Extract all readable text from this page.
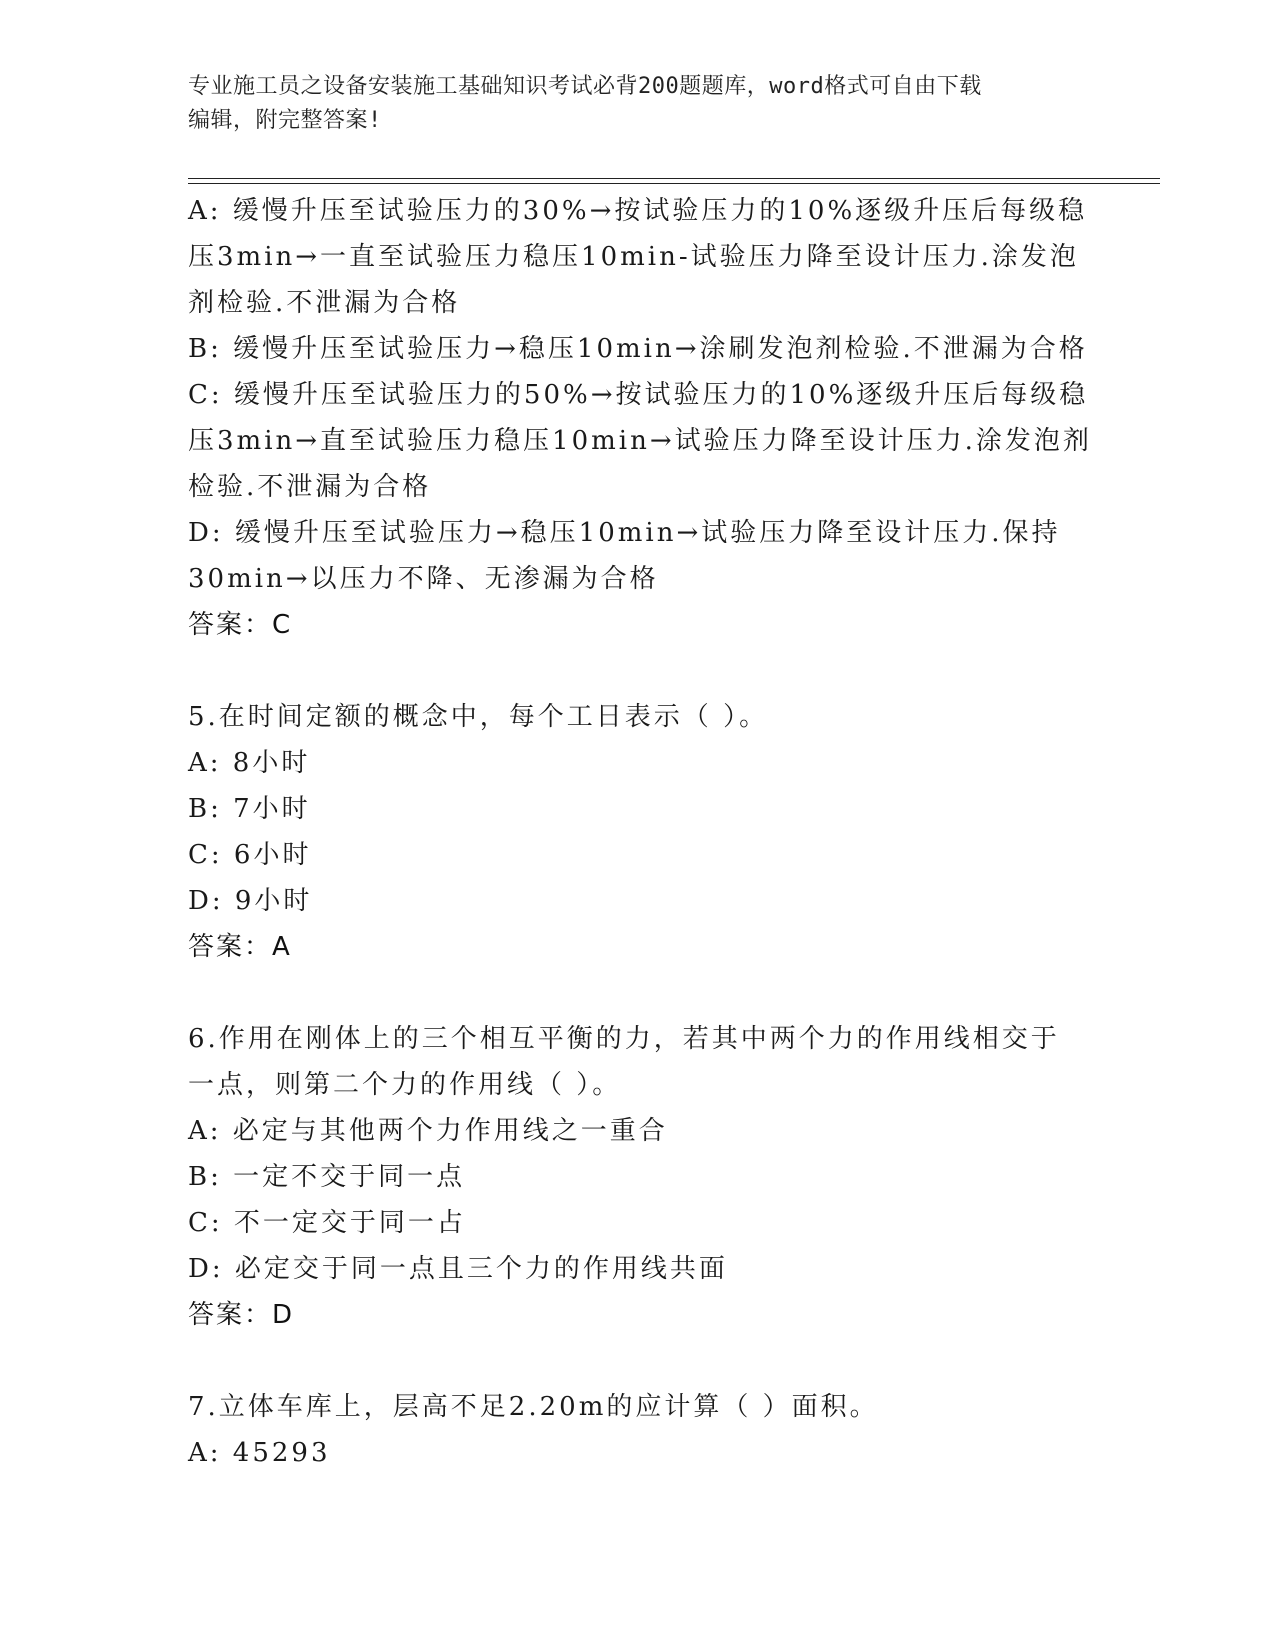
专业施工员之设备安装施工基础知识考试必背200题题库，word格式可自由下载
编辑，附完整答案!
A: 缓慢升压至试验压力的30%→按试验压力的10%逐级升压后每级稳
压3min→一直至试验压力稳压10min-试验压力降至设计压力.涂发泡
剂检验.不泄漏为合格
B: 缓慢升压至试验压力→稳压10min→涂刷发泡剂检验.不泄漏为合格
C: 缓慢升压至试验压力的50%→按试验压力的10%逐级升压后每级稳
压3min→直至试验压力稳压10min→试验压力降至设计压力.涂发泡剂
检验.不泄漏为合格
D: 缓慢升压至试验压力→稳压10min→试验压力降至设计压力.保持
30min→以压力不降、无渗漏为合格
答案：C
5.在时间定额的概念中，每个工日表示（ ）。
A: 8小时
B: 7小时
C: 6小时
D: 9小时
答案：A
6.作用在刚体上的三个相互平衡的力，若其中两个力的作用线相交于
一点，则第二个力的作用线（ ）。
A: 必定与其他两个力作用线之一重合
B: 一定不交于同一点
C: 不一定交于同一占
D: 必定交于同一点且三个力的作用线共面
答案：D
7.立体车库上，层高不足2.20m的应计算（ ）面积。
A: 45293
